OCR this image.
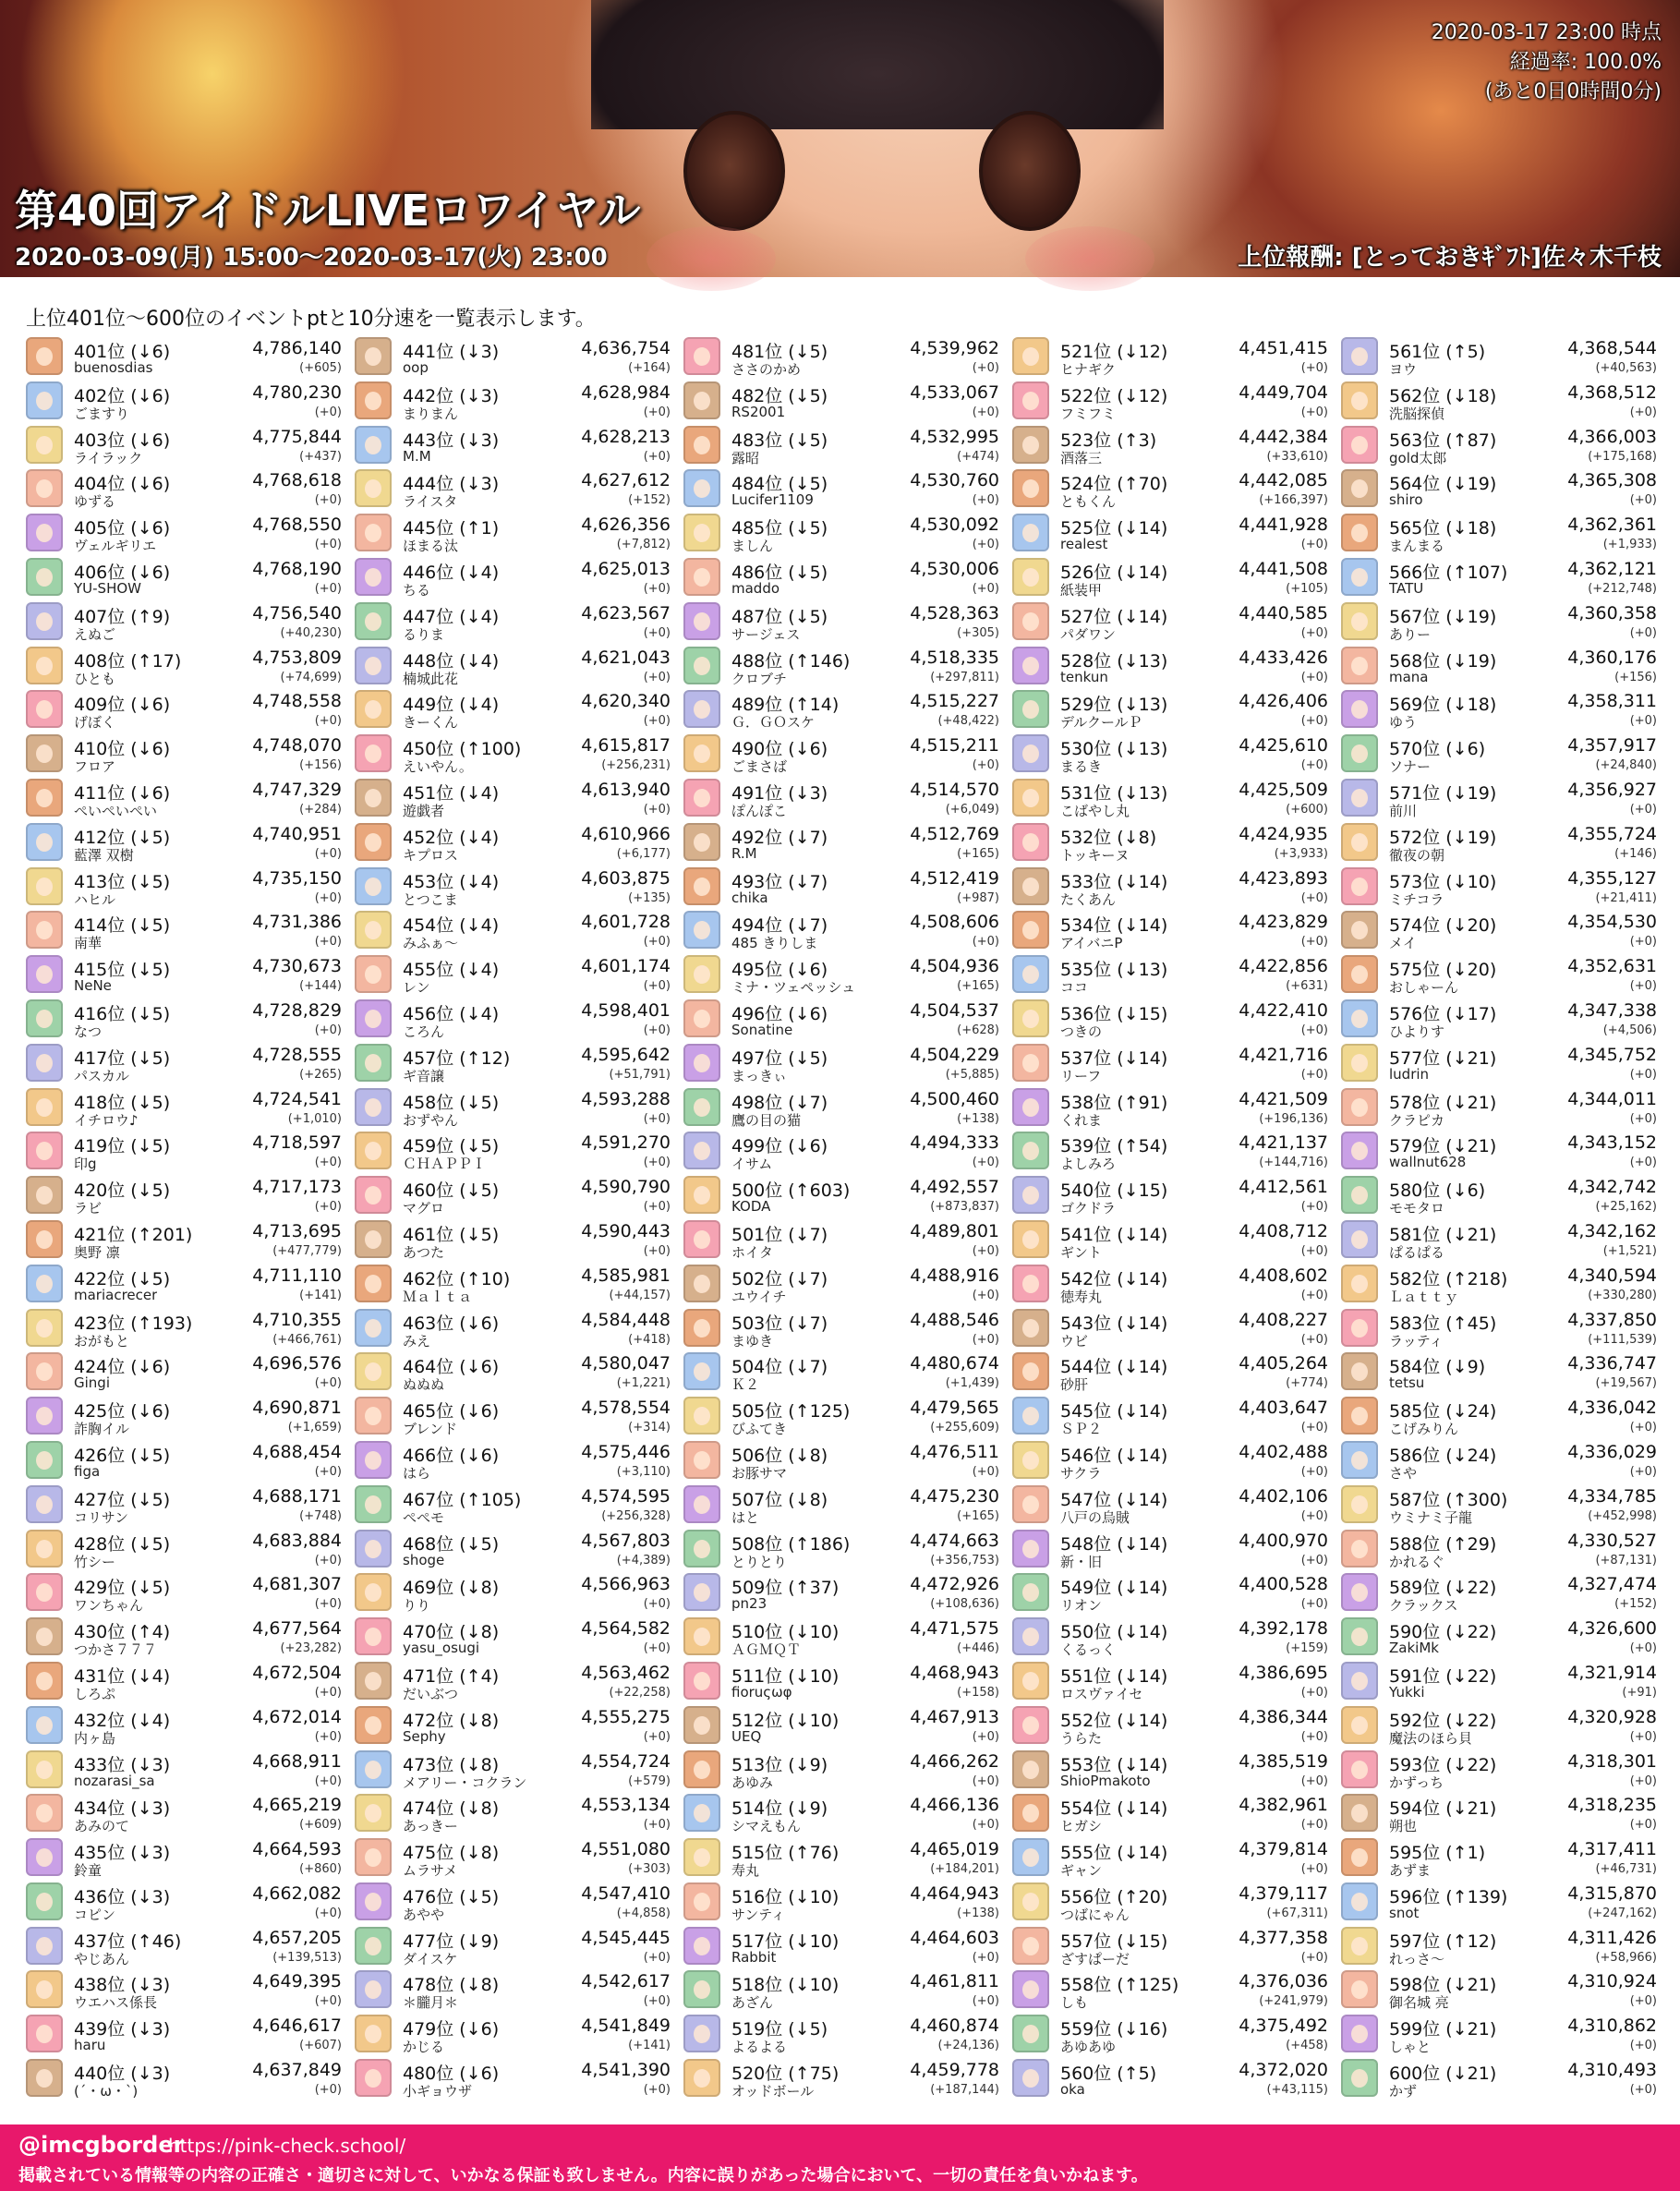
2020-03-17 23:00 時点
経過率: 100.0%
(あと0日0時間0分)
第40回アイドルLIVEロワイヤル
2020-03-09(月) 15:00〜2020-03-17(火) 23:00	上位報酬: [とっておきｷﾞﾌﾄ]佐々木千枝
上位401位〜600位のイベントptと10分速を一覧表示します。
401位 (↓6)
buenosdias
4,786,140
(+605)
402位 (↓6)
ごますり
4,780,230
(+0)
403位 (↓6)
ライラック
4,775,844
(+437)
404位 (↓6)
ゆずる
4,768,618
(+0)
405位 (↓6)
ヴェルギリエ
4,768,550
(+0)
406位 (↓6)
YU-SHOW
4,768,190
(+0)
407位 (↑9)
えぬご
4,756,540
(+40,230)
408位 (↑17)
ひとも
4,753,809
(+74,699)
409位 (↓6)
げぼく
4,748,558
(+0)
410位 (↓6)
フロア
4,748,070
(+156)
411位 (↓6)
ぺいぺいぺい
4,747,329
(+284)
412位 (↓5)
藍澤 双樹
4,740,951
(+0)
413位 (↓5)
ハヒル
4,735,150
(+0)
414位 (↓5)
南華
4,731,386
(+0)
415位 (↓5)
NeNe
4,730,673
(+144)
416位 (↓5)
なつ
4,728,829
(+0)
417位 (↓5)
パスカル
4,728,555
(+265)
418位 (↓5)
イチロウ♪
4,724,541
(+1,010)
419位 (↓5)
印g
4,718,597
(+0)
420位 (↓5)
ラビ
4,717,173
(+0)
421位 (↑201)
奥野 凛
4,713,695
(+477,779)
422位 (↓5)
mariacrecer
4,711,110
(+141)
423位 (↑193)
おがもと
4,710,355
(+466,761)
424位 (↓6)
Gingi
4,696,576
(+0)
425位 (↓6)
詐胸イル
4,690,871
(+1,659)
426位 (↓5)
figa
4,688,454
(+0)
427位 (↓5)
コリサン
4,688,171
(+748)
428位 (↓5)
竹シー
4,683,884
(+0)
429位 (↓5)
ワンちゃん
4,681,307
(+0)
430位 (↑4)
つかさ７７７
4,677,564
(+23,282)
431位 (↓4)
しろぷ
4,672,504
(+0)
432位 (↓4)
内ヶ島
4,672,014
(+0)
433位 (↓3)
nozarasi_sa
4,668,911
(+0)
434位 (↓3)
あみのて
4,665,219
(+609)
435位 (↓3)
鈴童
4,664,593
(+860)
436位 (↓3)
コピン
4,662,082
(+0)
437位 (↑46)
やじあん
4,657,205
(+139,513)
438位 (↓3)
ウエハス係長
4,649,395
(+0)
439位 (↓3)
haru
4,646,617
(+607)
440位 (↓3)
(´・ω・`)
4,637,849
(+0)
441位 (↓3)
oop
4,636,754
(+164)
442位 (↓3)
まりまん
4,628,984
(+0)
443位 (↓3)
M.M
4,628,213
(+0)
444位 (↓3)
ライスタ
4,627,612
(+152)
445位 (↑1)
ほまる汰
4,626,356
(+7,812)
446位 (↓4)
ちる
4,625,013
(+0)
447位 (↓4)
るりま
4,623,567
(+0)
448位 (↓4)
楠城此花
4,621,043
(+0)
449位 (↓4)
きーくん
4,620,340
(+0)
450位 (↑100)
えいやん。
4,615,817
(+256,231)
451位 (↓4)
遊戯者
4,613,940
(+0)
452位 (↓4)
キプロス
4,610,966
(+6,177)
453位 (↓4)
とつこま
4,603,875
(+135)
454位 (↓4)
みふぁ〜
4,601,728
(+0)
455位 (↓4)
レン
4,601,174
(+0)
456位 (↓4)
ころん
4,598,401
(+0)
457位 (↑12)
ギ音譲
4,595,642
(+51,791)
458位 (↓5)
おずやん
4,593,288
(+0)
459位 (↓5)
ＣＨＡＰＰＩ
4,591,270
(+0)
460位 (↓5)
マグロ
4,590,790
(+0)
461位 (↓5)
あつた
4,590,443
(+0)
462位 (↑10)
Ｍａｌｔａ
4,585,981
(+44,157)
463位 (↓6)
みえ
4,584,448
(+418)
464位 (↓6)
ぬぬぬ
4,580,047
(+1,221)
465位 (↓6)
ブレンド
4,578,554
(+314)
466位 (↓6)
はら
4,575,446
(+3,110)
467位 (↑105)
ぺぺモ
4,574,595
(+256,328)
468位 (↓5)
shoge
4,567,803
(+4,389)
469位 (↓8)
りり
4,566,963
(+0)
470位 (↓8)
yasu_osugi
4,564,582
(+0)
471位 (↑4)
だいぶつ
4,563,462
(+22,258)
472位 (↓8)
Sephy
4,555,275
(+0)
473位 (↓8)
メアリー・コクラン
4,554,724
(+579)
474位 (↓8)
あっきー
4,553,134
(+0)
475位 (↓8)
ムラサメ
4,551,080
(+303)
476位 (↓5)
あやや
4,547,410
(+4,858)
477位 (↓9)
ダイスケ
4,545,445
(+0)
478位 (↓8)
＊朧月＊
4,542,617
(+0)
479位 (↓6)
かじる
4,541,849
(+141)
480位 (↓6)
小ギョウザ
4,541,390
(+0)
481位 (↓5)
ささのかめ
4,539,962
(+0)
482位 (↓5)
RS2001
4,533,067
(+0)
483位 (↓5)
露昭
4,532,995
(+474)
484位 (↓5)
Lucifer1109
4,530,760
(+0)
485位 (↓5)
ましん
4,530,092
(+0)
486位 (↓5)
maddo
4,530,006
(+0)
487位 (↓5)
サージェス
4,528,363
(+305)
488位 (↑146)
クロブチ
4,518,335
(+297,811)
489位 (↑14)
Ｇ．ＧＯスケ
4,515,227
(+48,422)
490位 (↓6)
ごまさば
4,515,211
(+0)
491位 (↓3)
ぽんぽこ
4,514,570
(+6,049)
492位 (↓7)
R.M
4,512,769
(+165)
493位 (↓7)
chika
4,512,419
(+987)
494位 (↓7)
485 きりしま
4,508,606
(+0)
495位 (↓6)
ミナ・ツェペッシュ
4,504,936
(+165)
496位 (↓6)
Sonatine
4,504,537
(+628)
497位 (↓5)
まっきぃ
4,504,229
(+5,885)
498位 (↓7)
鷹の目の猫
4,500,460
(+138)
499位 (↓6)
イサム
4,494,333
(+0)
500位 (↑603)
KODA
4,492,557
(+873,837)
501位 (↓7)
ホイタ
4,489,801
(+0)
502位 (↓7)
ユウイチ
4,488,916
(+0)
503位 (↓7)
まゆき
4,488,546
(+0)
504位 (↓7)
Ｋ２
4,480,674
(+1,439)
505位 (↑125)
びふてき
4,479,565
(+255,609)
506位 (↓8)
お豚サマ
4,476,511
(+0)
507位 (↓8)
はと
4,475,230
(+165)
508位 (↑186)
とりとり
4,474,663
(+356,753)
509位 (↑37)
pn23
4,472,926
(+108,636)
510位 (↓10)
ＡＧＭＱＴ
4,471,575
(+446)
511位 (↓10)
fioruςωφ
4,468,943
(+158)
512位 (↓10)
UEQ
4,467,913
(+0)
513位 (↓9)
あゆみ
4,466,262
(+0)
514位 (↓9)
シマえもん
4,466,136
(+0)
515位 (↑76)
寿丸
4,465,019
(+184,201)
516位 (↓10)
サンティ
4,464,943
(+138)
517位 (↓10)
Rabbit
4,464,603
(+0)
518位 (↓10)
あざん
4,461,811
(+0)
519位 (↓5)
よるよる
4,460,874
(+24,136)
520位 (↑75)
オッドボール
4,459,778
(+187,144)
521位 (↓12)
ヒナギク
4,451,415
(+0)
522位 (↓12)
フミフミ
4,449,704
(+0)
523位 (↑3)
酒落三
4,442,384
(+33,610)
524位 (↑70)
ともくん
4,442,085
(+166,397)
525位 (↓14)
realest
4,441,928
(+0)
526位 (↓14)
紙装甲
4,441,508
(+105)
527位 (↓14)
パダワン
4,440,585
(+0)
528位 (↓13)
tenkun
4,433,426
(+0)
529位 (↓13)
デルクールＰ
4,426,406
(+0)
530位 (↓13)
まるき
4,425,610
(+0)
531位 (↓13)
こばやし丸
4,425,509
(+600)
532位 (↓8)
トッキーヌ
4,424,935
(+3,933)
533位 (↓14)
たくあん
4,423,893
(+0)
534位 (↓14)
アイバニP
4,423,829
(+0)
535位 (↓13)
ココ
4,422,856
(+631)
536位 (↓15)
つきの
4,422,410
(+0)
537位 (↓14)
リーフ
4,421,716
(+0)
538位 (↑91)
くれま
4,421,509
(+196,136)
539位 (↑54)
よしみろ
4,421,137
(+144,716)
540位 (↓15)
ゴクドラ
4,412,561
(+0)
541位 (↓14)
ギント
4,408,712
(+0)
542位 (↓14)
徳寿丸
4,408,602
(+0)
543位 (↓14)
ウビ
4,408,227
(+0)
544位 (↓14)
砂肝
4,405,264
(+774)
545位 (↓14)
ＳＰ２
4,403,647
(+0)
546位 (↓14)
サクラ
4,402,488
(+0)
547位 (↓14)
八戸の烏賊
4,402,106
(+0)
548位 (↓14)
新・旧
4,400,970
(+0)
549位 (↓14)
リオン
4,400,528
(+0)
550位 (↓14)
くるっく
4,392,178
(+159)
551位 (↓14)
ロスヴァイセ
4,386,695
(+0)
552位 (↓14)
うらた
4,386,344
(+0)
553位 (↓14)
ShioPmakoto
4,385,519
(+0)
554位 (↓14)
ヒガシ
4,382,961
(+0)
555位 (↓14)
ギャン
4,379,814
(+0)
556位 (↑20)
つばにゃん
4,379,117
(+67,311)
557位 (↓15)
ざすぱーだ
4,377,358
(+0)
558位 (↑125)
しも
4,376,036
(+241,979)
559位 (↓16)
あゆあゆ
4,375,492
(+458)
560位 (↑5)
oka
4,372,020
(+43,115)
561位 (↑5)
ヨウ
4,368,544
(+40,563)
562位 (↓18)
洗脳探偵
4,368,512
(+0)
563位 (↑87)
gold太郎
4,366,003
(+175,168)
564位 (↓19)
shiro
4,365,308
(+0)
565位 (↓18)
まんまる
4,362,361
(+1,933)
566位 (↑107)
TATU
4,362,121
(+212,748)
567位 (↓19)
ありー
4,360,358
(+0)
568位 (↓19)
mana
4,360,176
(+156)
569位 (↓18)
ゆう
4,358,311
(+0)
570位 (↓6)
ソナー
4,357,917
(+24,840)
571位 (↓19)
前川
4,356,927
(+0)
572位 (↓19)
徹夜の朝
4,355,724
(+146)
573位 (↓10)
ミチコラ
4,355,127
(+21,411)
574位 (↓20)
メイ
4,354,530
(+0)
575位 (↓20)
おしゃーん
4,352,631
(+0)
576位 (↓17)
ひよりす
4,347,338
(+4,506)
577位 (↓21)
ludrin
4,345,752
(+0)
578位 (↓21)
クラピカ
4,344,011
(+0)
579位 (↓21)
wallnut628
4,343,152
(+0)
580位 (↓6)
モモタロ
4,342,742
(+25,162)
581位 (↓21)
ぱるぱる
4,342,162
(+1,521)
582位 (↑218)
Ｌａｔｔｙ
4,340,594
(+330,280)
583位 (↑45)
ラッティ
4,337,850
(+111,539)
584位 (↓9)
tetsu
4,336,747
(+19,567)
585位 (↓24)
こげみりん
4,336,042
(+0)
586位 (↓24)
さや
4,336,029
(+0)
587位 (↑300)
ウミナミ子龍
4,334,785
(+452,998)
588位 (↑29)
かれるぐ
4,330,527
(+87,131)
589位 (↓22)
クラックス
4,327,474
(+152)
590位 (↓22)
ZakiMk
4,326,600
(+0)
591位 (↓22)
Yukki
4,321,914
(+91)
592位 (↓22)
魔法のほら貝
4,320,928
(+0)
593位 (↓22)
かずっち
4,318,301
(+0)
594位 (↓21)
朔也
4,318,235
(+0)
595位 (↑1)
あずま
4,317,411
(+46,731)
596位 (↑139)
snot
4,315,870
(+247,162)
597位 (↑12)
れっさ〜
4,311,426
(+58,966)
598位 (↓21)
御名城 亮
4,310,924
(+0)
599位 (↓21)
しゃと
4,310,862
(+0)
600位 (↓21)
かず
4,310,493
(+0)
@imcgborder
https://pink-check.school/
掲載されている情報等の内容の正確さ・適切さに対して、いかなる保証も致しません。内容に誤りがあった場合において、一切の責任を負いかねます。
